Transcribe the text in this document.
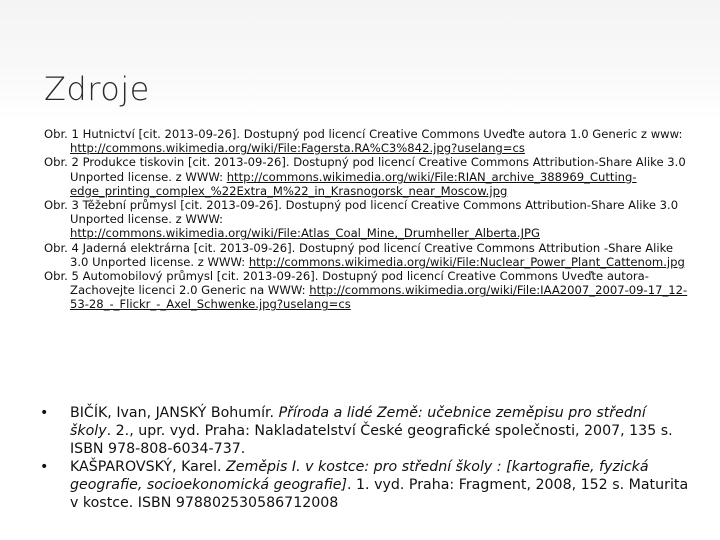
Zdroje
Obr. 1 Hutnictví [cit. 2013-09-26]. Dostupný pod licencí Creative Commons Uveďte autora 1.0 Generic z www: http://commons.wikimedia.org/wiki/File:Fagersta.RA%C3%842.jpg?uselang=cs
Obr. 2 Produkce tiskovin [cit. 2013-09-26]. Dostupný pod licencí Creative Commons Attribution-Share Alike 3.0 Unported license. z WWW: http://commons.wikimedia.org/wiki/File:RIAN_archive_388969_Cutting-edge_printing_complex_%22Extra_M%22_in_Krasnogorsk_near_Moscow.jpg
Obr. 3 Těžební průmysl [cit. 2013-09-26]. Dostupný pod licencí Creative Commons Attribution-Share Alike 3.0 Unported license. z WWW: http://commons.wikimedia.org/wiki/File:Atlas_Coal_Mine,_Drumheller_Alberta.JPG
Obr. 4 Jaderná elektrárna [cit. 2013-09-26]. Dostupný pod licencí Creative Commons Attribution -Share Alike 3.0 Unported license. z WWW: http://commons.wikimedia.org/wiki/File:Nuclear_Power_Plant_Cattenom.jpg
Obr. 5 Automobilový průmysl [cit. 2013-09-26]. Dostupný pod licencí Creative Commons Uveďte autora-Zachovejte licenci 2.0 Generic na WWW: http://commons.wikimedia.org/wiki/File:IAA2007_2007-09-17_12-53-28_-_Flickr_-_Axel_Schwenke.jpg?uselang=cs
• BIČÍK, Ivan, JANSKÝ Bohumír. Příroda a lidé Země: učebnice zeměpisu pro střední školy. 2., upr. vyd. Praha: Nakladatelství České geografické společnosti, 2007, 135 s. ISBN 978-808-6034-737.
• KAŠPAROVSKÝ, Karel. Zeměpis I. v kostce: pro střední školy : [kartografie, fyzická geografie, socioekonomická geografie]. 1. vyd. Praha: Fragment, 2008, 152 s. Maturita v kostce. ISBN 97880253058671200​8
